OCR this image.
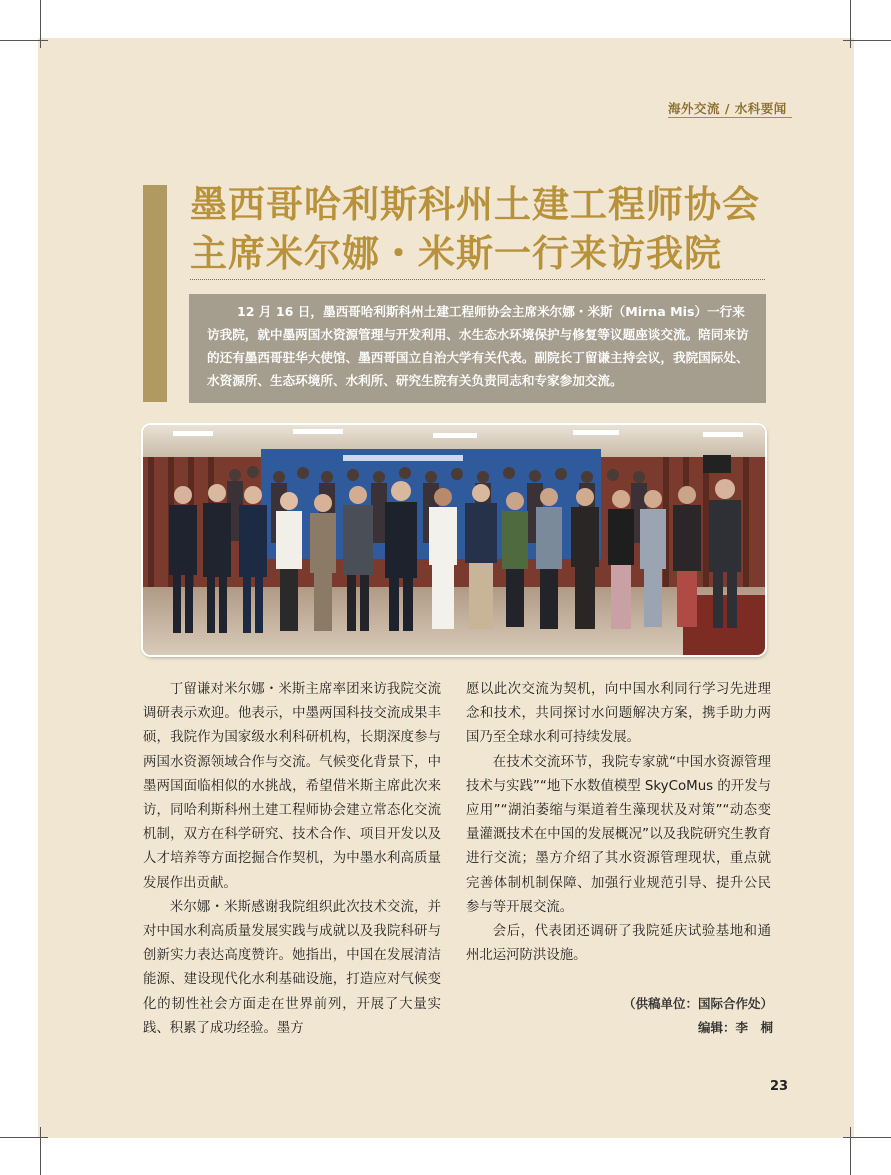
海外交流 / 水科要闻
墨西哥哈利斯科州土建工程师协会
主席米尔娜・米斯一行来访我院
12 月 16 日，墨西哥哈利斯科州土建工程师协会主席米尔娜・米斯（Mirna Mis）一行来访我院，就中墨两国水资源管理与开发利用、水生态水环境保护与修复等议题座谈交流。陪同来访的还有墨西哥驻华大使馆、墨西哥国立自治大学有关代表。副院长丁留谦主持会议，我院国际处、水资源所、生态环境所、水利所、研究生院有关负责同志和专家参加交流。

丁留谦对米尔娜・米斯主席率团来访我院交流调研表示欢迎。他表示，中墨两国科技交流成果丰硕，我院作为国家级水利科研机构，长期深度参与两国水资源领域合作与交流。气候变化背景下，中墨两国面临相似的水挑战，希望借米斯主席此次来访，同哈利斯科州土建工程师协会建立常态化交流机制，双方在科学研究、技术合作、项目开发以及人才培养等方面挖掘合作契机，为中墨水利高质量发展作出贡献。

米尔娜・米斯感谢我院组织此次技术交流，并对中国水利高质量发展实践与成就以及我院科研与创新实力表达高度赞许。她指出，中国在发展清洁能源、建设现代化水利基础设施，打造应对气候变化的韧性社会方面走在世界前列，开展了大量实践、积累了成功经验。墨方

愿以此次交流为契机，向中国水利同行学习先进理念和技术，共同探讨水问题解决方案，携手助力两国乃至全球水利可持续发展。

在技术交流环节，我院专家就“中国水资源管理技术与实践”“地下水数值模型 SkyCoMus 的开发与应用”“湖泊萎缩与渠道着生藻现状及对策”“动态变量灌溉技术在中国的发展概况”以及我院研究生教育进行交流；墨方介绍了其水资源管理现状，重点就完善体制机制保障、加强行业规范引导、提升公民参与等开展交流。

会后，代表团还调研了我院延庆试验基地和通州北运河防洪设施。

（供稿单位：国际合作处）
编辑：李　桐
23
